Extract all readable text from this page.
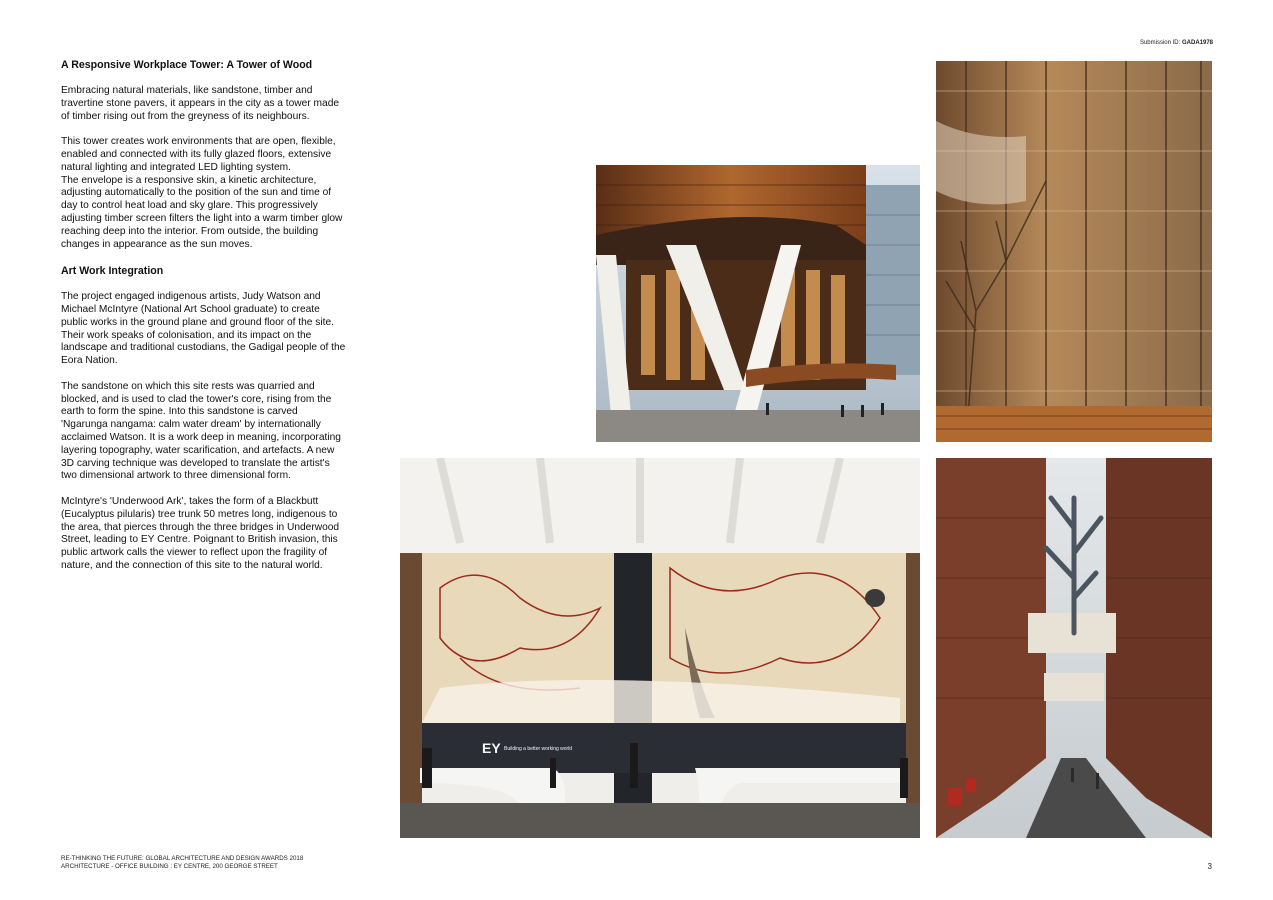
Submission ID: GADA1978
A Responsive Workplace Tower: A Tower of Wood

Embracing natural materials, like sandstone, timber and travertine stone pavers, it appears in the city as a tower made of timber rising out from the greyness of its neighbours.

This tower creates work environments that are open, flexible, enabled and connected with its fully glazed floors, extensive natural lighting and integrated LED lighting system.

The envelope is a responsive skin, a kinetic architecture, adjusting automatically to the position of the sun and time of day to control heat load and sky glare. This progressively adjusting timber screen filters the light into a warm timber glow reaching deep into the interior. From outside, the building changes in appearance as the sun moves.

Art Work Integration

The project engaged indigenous artists, Judy Watson and Michael McIntyre (National Art School graduate) to create public works in the ground plane and ground floor of the site. Their work speaks of colonisation, and its impact on the landscape and traditional custodians, the Gadigal people of the Eora Nation.

The sandstone on which this site rests was quarried and blocked, and is used to clad the tower's core, rising from the earth to form the spine. Into this sandstone is carved 'Ngarunga nangama: calm water dream' by internationally acclaimed Watson. It is a work deep in meaning, incorporating layering topography, water scarification, and artefacts. A new 3D carving technique was developed to translate the artist's two dimensional artwork to three dimensional form.

McIntyre's 'Underwood Ark', takes the form of a Blackbutt (Eucalyptus pilularis) tree trunk 50 metres long, indigenous to the area, that pierces through the three bridges in Underwood Street, leading to EY Centre. Poignant to British invasion, this public artwork calls the viewer to reflect upon the fragility of nature, and the connection of this site to the natural world.

EY Building a better working world
RE-THINKING THE FUTURE: GLOBAL ARCHITECTURE AND DESIGN AWARDS 2018
ARCHITECTURE - OFFICE BUILDING : EY CENTRE, 200 GEORGE STREET	3
